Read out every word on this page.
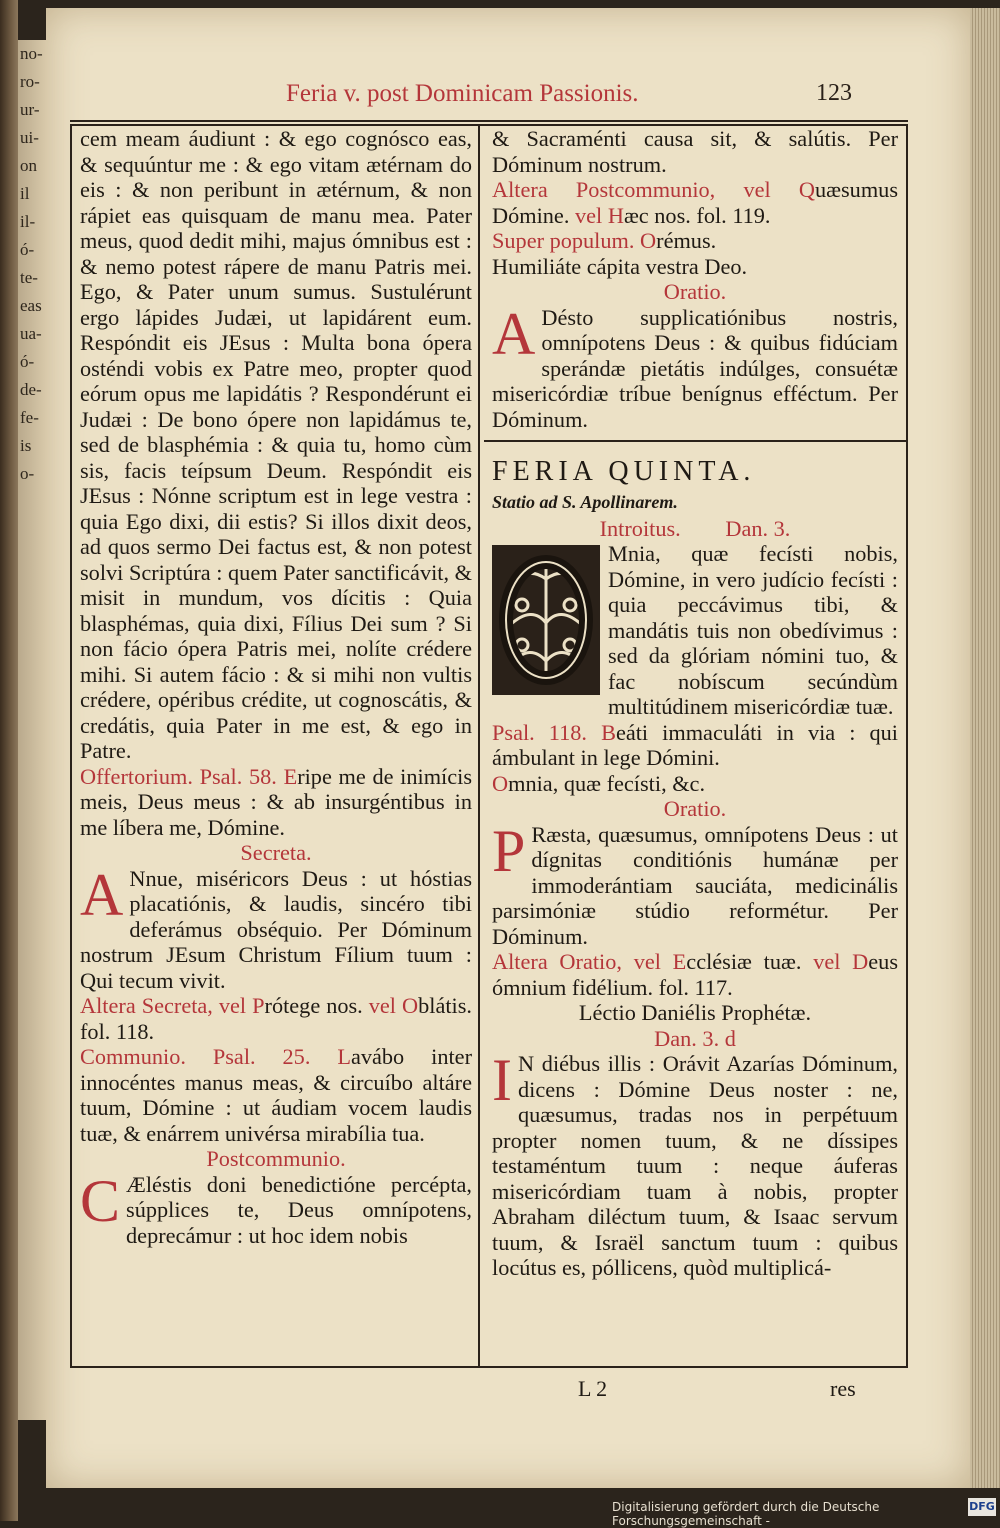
no-
ro-
ur-
ui-
on
il
il-
ó-
te-
eas
ua-
ó-
de-
fe-
is
o-
Feria v. post Dominicam Passionis.	123

cem meam áudiunt : & ego cognósco eas, & sequúntur me : & ego vitam ætérnam do eis : & non peribunt in ætérnum, & non rápiet eas quisquam de manu mea. Pater meus, quod dedit mihi, majus ómnibus est : & nemo potest rápere de manu Patris mei. Ego, & Pater unum sumus. Sustulérunt ergo lápides Judæi, ut lapidárent eum. Respóndit eis JEsus : Multa bona ópera osténdi vobis ex Patre meo, propter quod eórum opus me lapidátis ? Respondérunt ei Judæi : De bono ópere non lapidámus te, sed de blasphémia : & quia tu, homo cùm sis, facis teípsum Deum. Respóndit eis JEsus : Nónne scriptum est in lege vestra : quia Ego dixi, dii estis? Si illos dixit deos, ad quos sermo Dei factus est, & non potest solvi Scriptúra : quem Pater sanctificávit, & misit in mundum, vos dícitis : Quia blasphémas, quia dixi, Fílius Dei sum ? Si non fácio ópera Patris mei, nolíte crédere mihi. Si autem fácio : & si mihi non vultis crédere, opéribus crédite, ut cognoscátis, & credátis, quia Pater in me est, & ego in Patre.

Offertorium. Psal. 58. Eripe me de inimícis meis, Deus meus : & ab insurgéntibus in me líbera me, Dómine.

Secreta.

A Nnue, miséricors Deus : ut hóstias placatiónis, & laudis, sincéro tibi deferámus obséquio. Per Dóminum nostrum JEsum Christum Fílium tuum : Qui tecum vivit.

Altera Secreta, vel Prótege nos. vel Oblátis. fol. 118.

Communio. Psal. 25. Lavábo inter innocéntes manus meas, & circuíbo altáre tuum, Dómine : ut áudiam vocem laudis tuæ, & enárrem univérsa mirabília tua.

Postcommunio.

C Æléstis doni benedictióne percépta, súpplices te, Deus omnípotens, deprecámur : ut hoc idem nobis

& Sacraménti causa sit, & salútis. Per Dóminum nostrum.

Altera Postcommunio, vel Quæsumus Dómine. vel Hæc nos. fol. 119.

Super populum. Orémus.

Humiliáte cápita vestra Deo.

Oratio.

A Désto supplicatiónibus nostris, omnípotens Deus : & quibus fidúciam sperándæ pietátis indúlges, consuétæ misericórdiæ tríbue benígnus efféctum. Per Dóminum.

FERIA QUINTA.

Statio ad S. Apollinarem.

Introitus.   Dan. 3.

Mnia, quæ fecísti nobis, Dómine, in vero judício fecísti : quia peccávimus tibi, & mandátis tuis non obedívimus : sed da glóriam nómini tuo, & fac nobíscum secúndùm multitúdinem misericórdiæ tuæ.

Psal. 118. Beáti immaculáti in via : qui ámbulant in lege Dómini.

Omnia, quæ fecísti, &c.

Oratio.

P Ræsta, quæsumus, omnípotens Deus : ut dígnitas conditiónis humánæ per immoderántiam sauciáta, medicinális parsimóniæ stúdio reformétur. Per Dóminum.

Altera Oratio, vel Ecclésiæ tuæ. vel Deus ómnium fidélium. fol. 117.

Léctio Daniélis Prophétæ.

Dan. 3. d

I N diébus illis : Orávit Azarías Dóminum, dicens : Dómine Deus noster : ne, quæsumus, tradas nos in perpétuum propter nomen tuum, & ne díssipes testaméntum tuum : neque áuferas misericórdiam tuam à nobis, propter Abraham diléctum tuum, & Isaac servum tuum, & Israël sanctum tuum : quibus locútus es, póllicens, quòd multiplicá-

L 2	res
Digitalisierung gefördert durch die Deutsche Forschungsgemeinschaft -
DFG
